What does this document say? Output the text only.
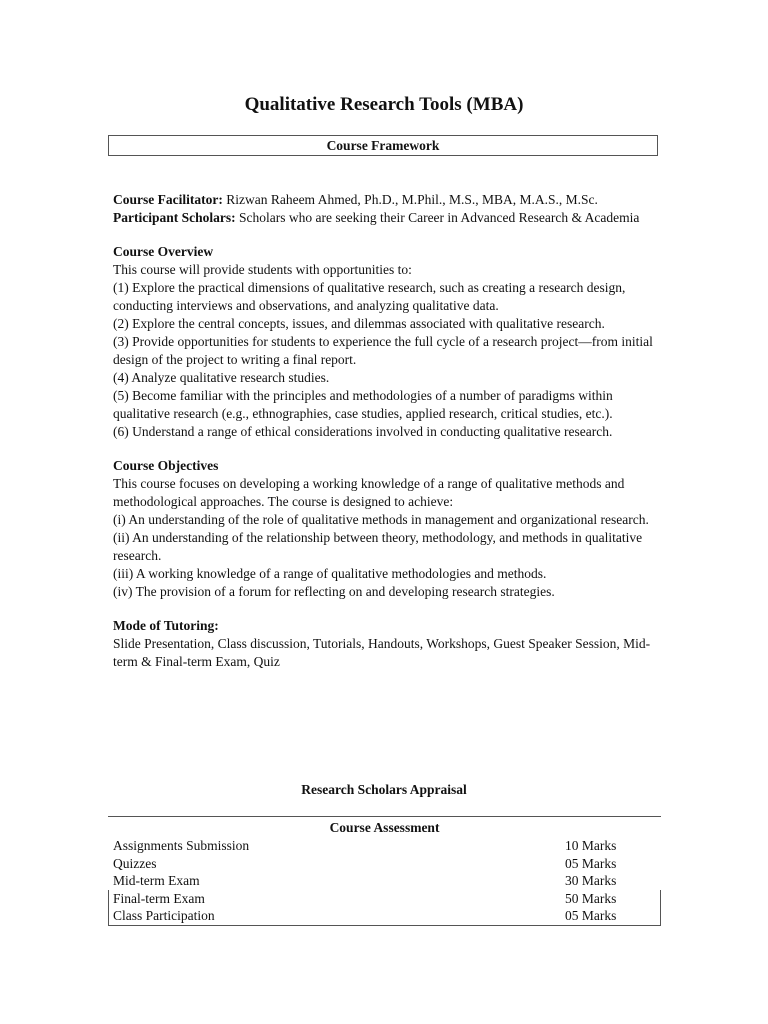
Qualitative Research Tools (MBA)
Course Framework

Course Facilitator: Rizwan Raheem Ahmed, Ph.D., M.Phil., M.S., MBA, M.A.S., M.Sc.

Participant Scholars: Scholars who are seeking their Career in Advanced Research & Academia

Course Overview

This course will provide students with opportunities to:

(1) Explore the practical dimensions of qualitative research, such as creating a research design, conducting interviews and observations, and analyzing qualitative data.

(2) Explore the central concepts, issues, and dilemmas associated with qualitative research.

(3) Provide opportunities for students to experience the full cycle of a research project—from initial design of the project to writing a final report.

(4) Analyze qualitative research studies.

(5) Become familiar with the principles and methodologies of a number of paradigms within qualitative research (e.g., ethnographies, case studies, applied research, critical studies, etc.).

(6) Understand a range of ethical considerations involved in conducting qualitative research.

Course Objectives

This course focuses on developing a working knowledge of a range of qualitative methods and methodological approaches. The course is designed to achieve:

(i) An understanding of the role of qualitative methods in management and organizational research.

(ii) An understanding of the relationship between theory, methodology, and methods in qualitative research.

(iii) A working knowledge of a range of qualitative methodologies and methods.

(iv) The provision of a forum for reflecting on and developing research strategies.

Mode of Tutoring:

Slide Presentation, Class discussion, Tutorials, Handouts, Workshops, Guest Speaker Session, Mid-term & Final-term Exam, Quiz

Research Scholars Appraisal
Course Assessment
Assignments Submission	10 Marks
Quizzes	05 Marks
Mid-term Exam	30 Marks
Final-term Exam	50 Marks
Class Participation	05 Marks
